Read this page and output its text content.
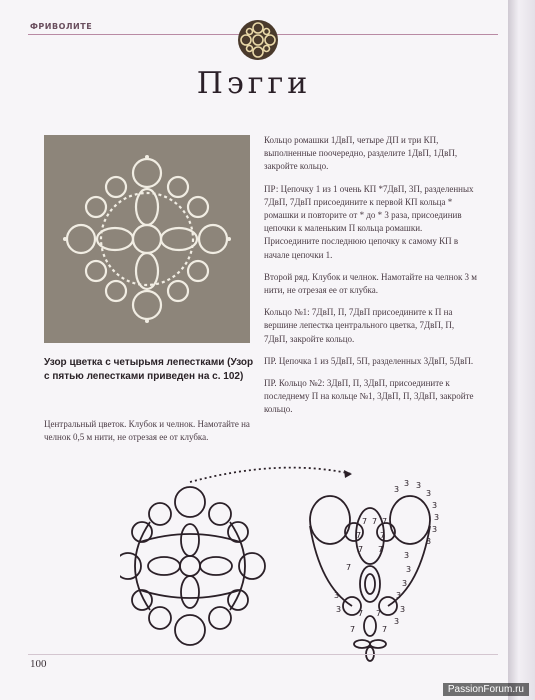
ФРИВОЛИТЕ
Пэгги
Узор цветка с четырьмя лепестками (Узор с пятью лепестками приведен на с. 102)
Центральный цветок. Клубок и челнок. Намотайте на челнок 0,5 м нити, не отрезая ее от клубка.

Кольцо ромашки 1ДвП, четыре ДП и три КП, выполненные поочередно, разделите 1ДвП, 1ДвП, закройте кольцо.

ПР: Цепочку 1 из 1 очень КП *7ДвП, 3П, разделенных 7ДвП, 7ДвП присоедините к первой КП кольца * ромашки и повторите от * до * 3 раза, присоединив цепочки к маленьким П кольца ромашки. Присоедините последнюю цепочку к самому КП в начале цепочки 1.

Второй ряд. Клубок и челнок. Намотайте на челнок 3 м нити, не отрезая ее от клубка.

Кольцо №1: 7ДвП, П, 7ДвП присоедините к П на вершине лепестка центрального цветка, 7ДвП, П, 7ДвП, закройте кольцо.

ПР. Цепочка 1 из 5ДвП, 5П, разделенных 3ДвП, 5ДвП.

ПР. Кольцо №2: 3ДвП, П, 3ДвП, присоедините к последнему П на кольце №1, 3ДвП, П, 3ДвП, закройте кольцо.

3
3 3
3
3
3
3
3
7 7 7
7 7
7 7
7
3
3
3
3
3
3
3
3 7 7
7	7
100
PassionForum.ru
